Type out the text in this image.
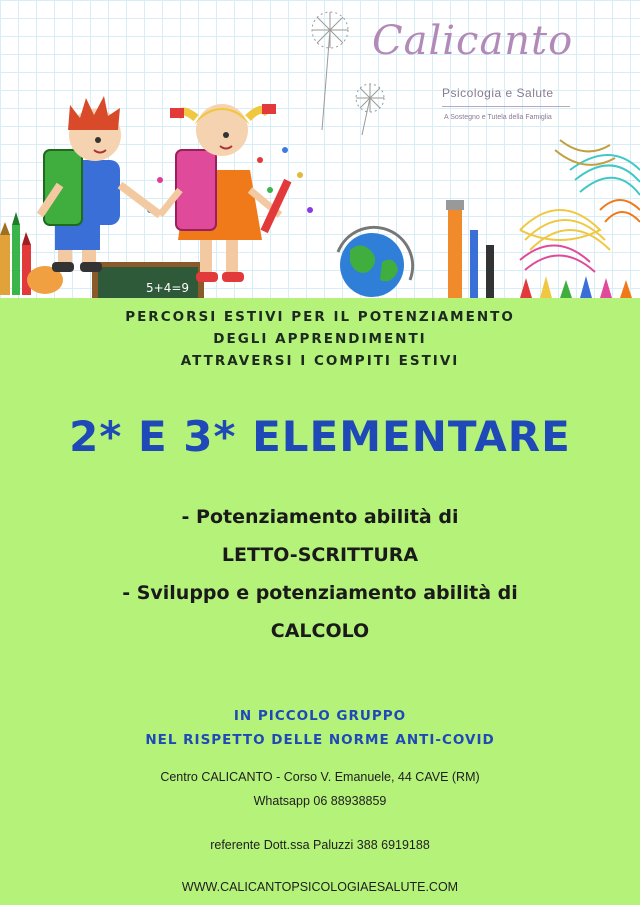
5+4=9
Calicanto
Psicologia e Salute
A Sostegno e Tutela della Famiglia
PERCORSI ESTIVI PER IL POTENZIAMENTO
DEGLI APPRENDIMENTI
ATTRAVERSI I COMPITI ESTIVI
2* E 3* ELEMENTARE
- Potenziamento abilità di
LETTO-SCRITTURA
- Sviluppo e potenziamento abilità di
CALCOLO
IN PICCOLO GRUPPO
NEL RISPETTO DELLE NORME ANTI-COVID
Centro CALICANTO - Corso V. Emanuele, 44 CAVE (RM)
Whatsapp 06 88938859
referente Dott.ssa Paluzzi 388 6919188
WWW.CALICANTOPSICOLOGIAESALUTE.COM
